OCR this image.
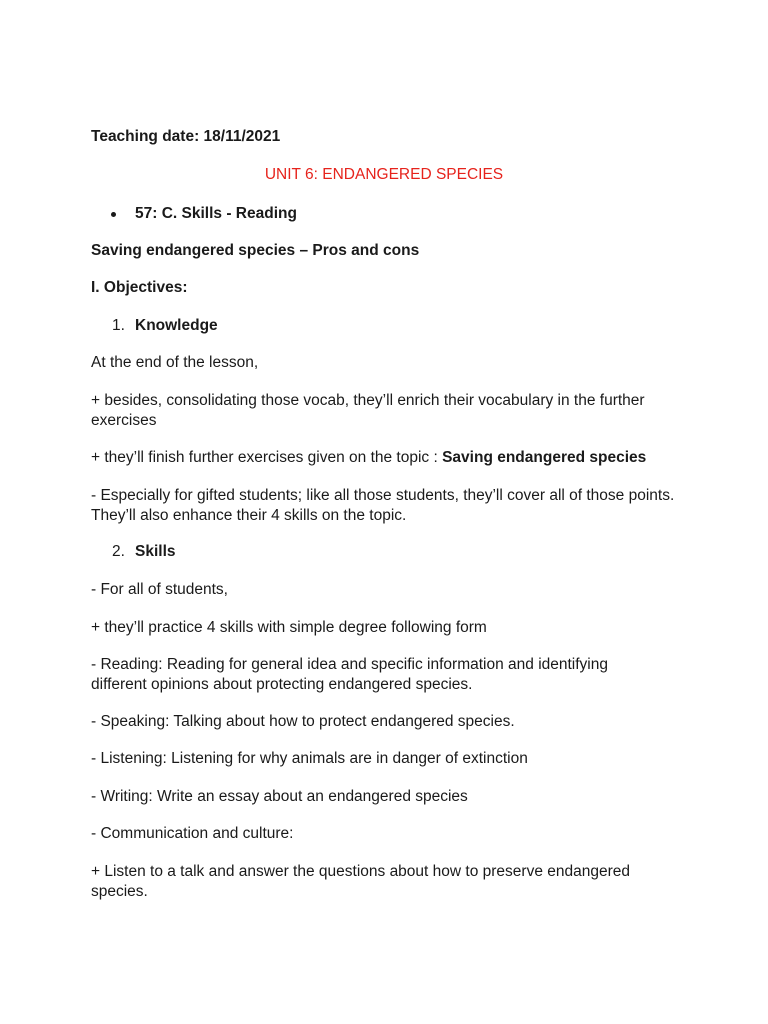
Teaching date: 18/11/2021

UNIT 6: ENDANGERED SPECIES

57: C. Skills - Reading

Saving endangered species – Pros and cons

I. Objectives:

1. Knowledge

At the end of the lesson,

+ besides, consolidating those vocab, they’ll enrich their vocabulary in the further exercises

+ they’ll finish further exercises given on the topic : Saving endangered species

- Especially for gifted students; like all those students, they’ll cover all of those points. They’ll also enhance their 4 skills on the topic.

2. Skills

- For all of students,

+ they’ll practice 4 skills with simple degree following form

- Reading: Reading for general idea and specific information and identifying different opinions about protecting endangered species.

- Speaking: Talking about how to protect endangered species.

- Listening: Listening for why animals are in danger of extinction

- Writing: Write an essay about an endangered species

- Communication and culture:

+ Listen to a talk and answer the questions about how to preserve endangered species.
